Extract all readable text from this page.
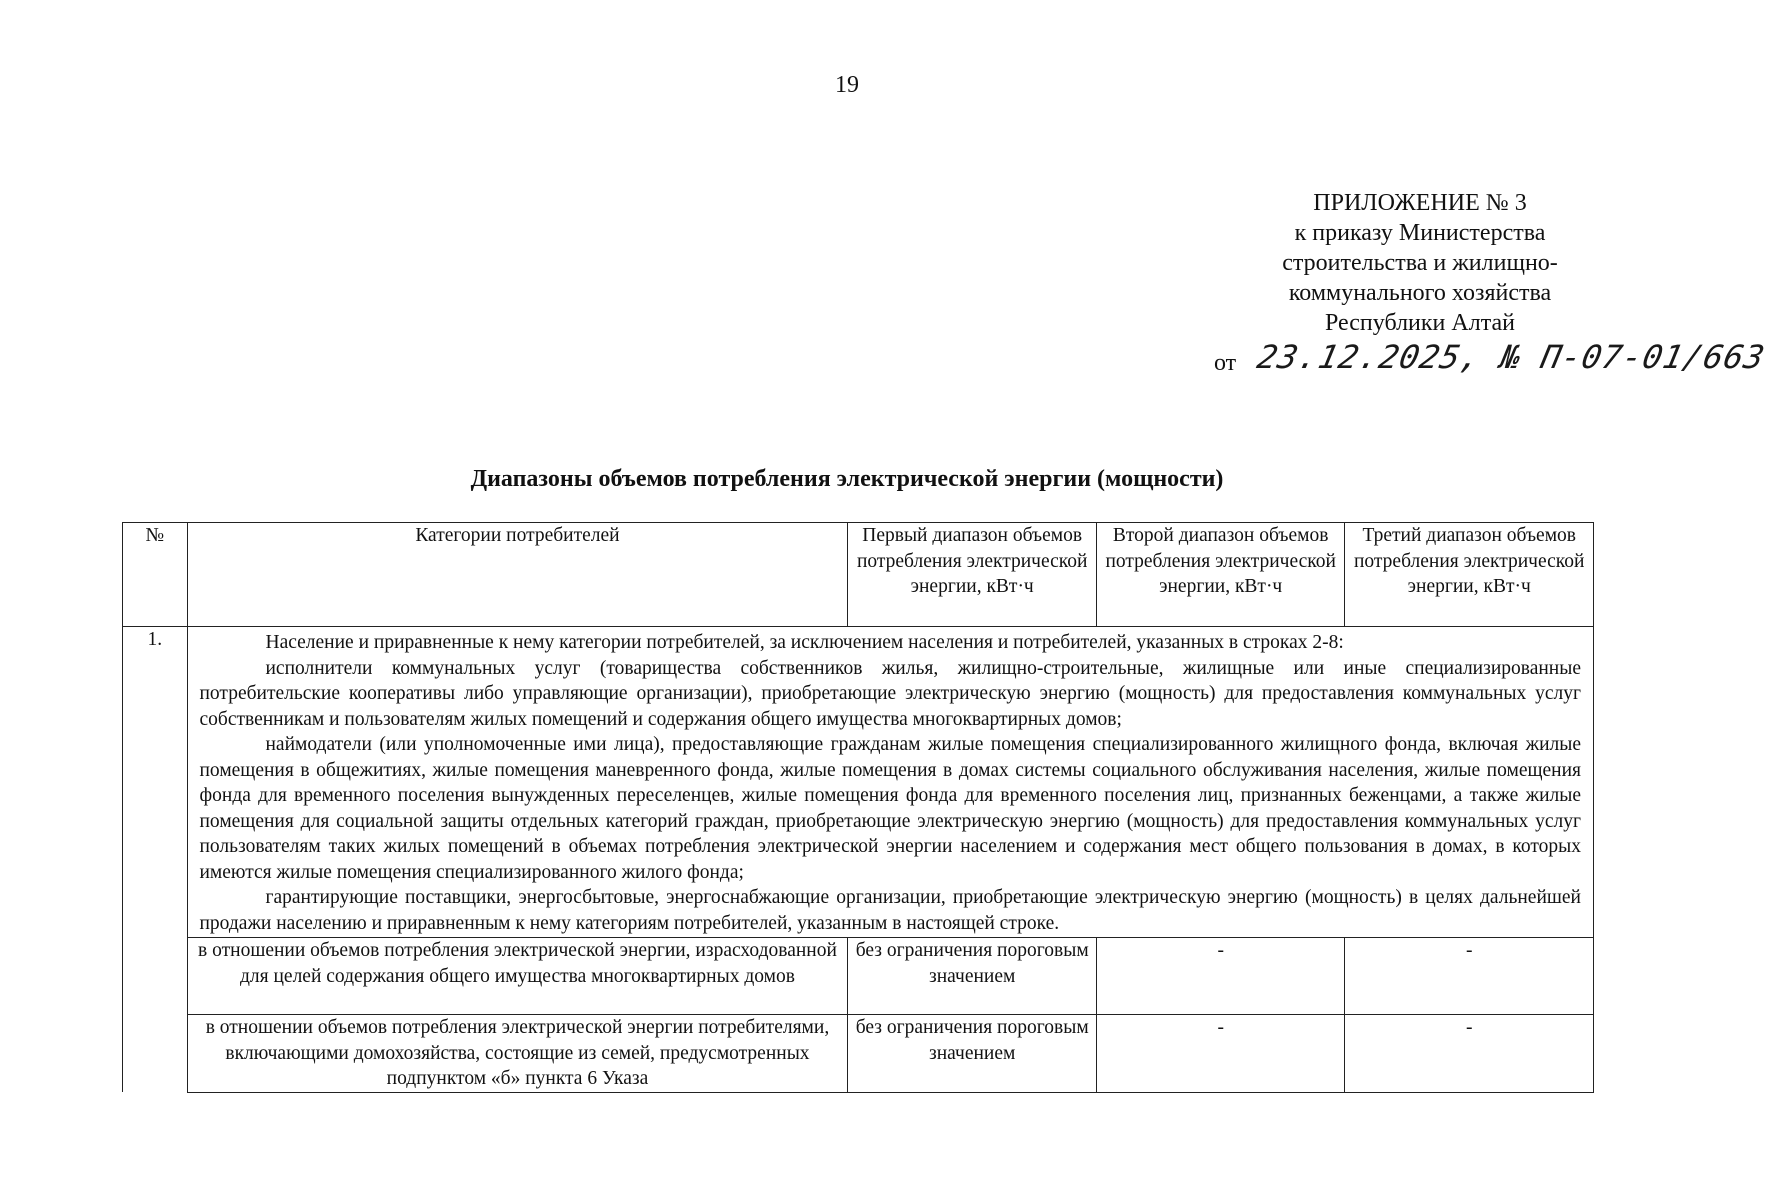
19
ПРИЛОЖЕНИЕ № 3
к приказу Министерства
строительства и жилищно-
коммунального хозяйства
Республики Алтай
от 23.12.2025, № П-07-01/663
Диапазоны объемов потребления электрической энергии (мощности)
№	Категории потребителей	Первый диапазон объемов потребления электрической энергии, кВт·ч	Второй диапазон объемов потребления электрической энергии, кВт·ч	Третий диапазон объемов потребления электрической энергии, кВт·ч
1.	Население и приравненные к нему категории потребителей, за исключением населения и потребителей, указанных в строках 2-8:
исполнители коммунальных услуг (товарищества собственников жилья, жилищно-строительные, жилищные или иные специализированные потребительские кооперативы либо управляющие организации), приобретающие электрическую энергию (мощность) для предоставления коммунальных услуг собственникам и пользователям жилых помещений и содержания общего имущества многоквартирных домов;
наймодатели (или уполномоченные ими лица), предоставляющие гражданам жилые помещения специализированного жилищного фонда, включая жилые помещения в общежитиях, жилые помещения маневренного фонда, жилые помещения в домах системы социального обслуживания населения, жилые помещения фонда для временного поселения вынужденных переселенцев, жилые помещения фонда для временного поселения лиц, признанных беженцами, а также жилые помещения для социальной защиты отдельных категорий граждан, приобретающие электрическую энергию (мощность) для предоставления коммунальных услуг пользователям таких жилых помещений в объемах потребления электрической энергии населением и содержания мест общего пользования в домах, в которых имеются жилые помещения специализированного жилого фонда;
гарантирующие поставщики, энергосбытовые, энергоснабжающие организации, приобретающие электрическую энергию (мощность) в целях дальнейшей продажи населению и приравненным к нему категориям потребителей, указанным в настоящей строке.			

	в отношении объемов потребления электрической энергии, израсходованной для целей содержания общего имущества многоквартирных домов	без ограничения пороговым значением	-	-
	в отношении объемов потребления электрической энергии потребителями, включающими домохозяйства, состоящие из семей, предусмотренных подпунктом «б» пункта 6 Указа	без ограничения пороговым значением	-	-
